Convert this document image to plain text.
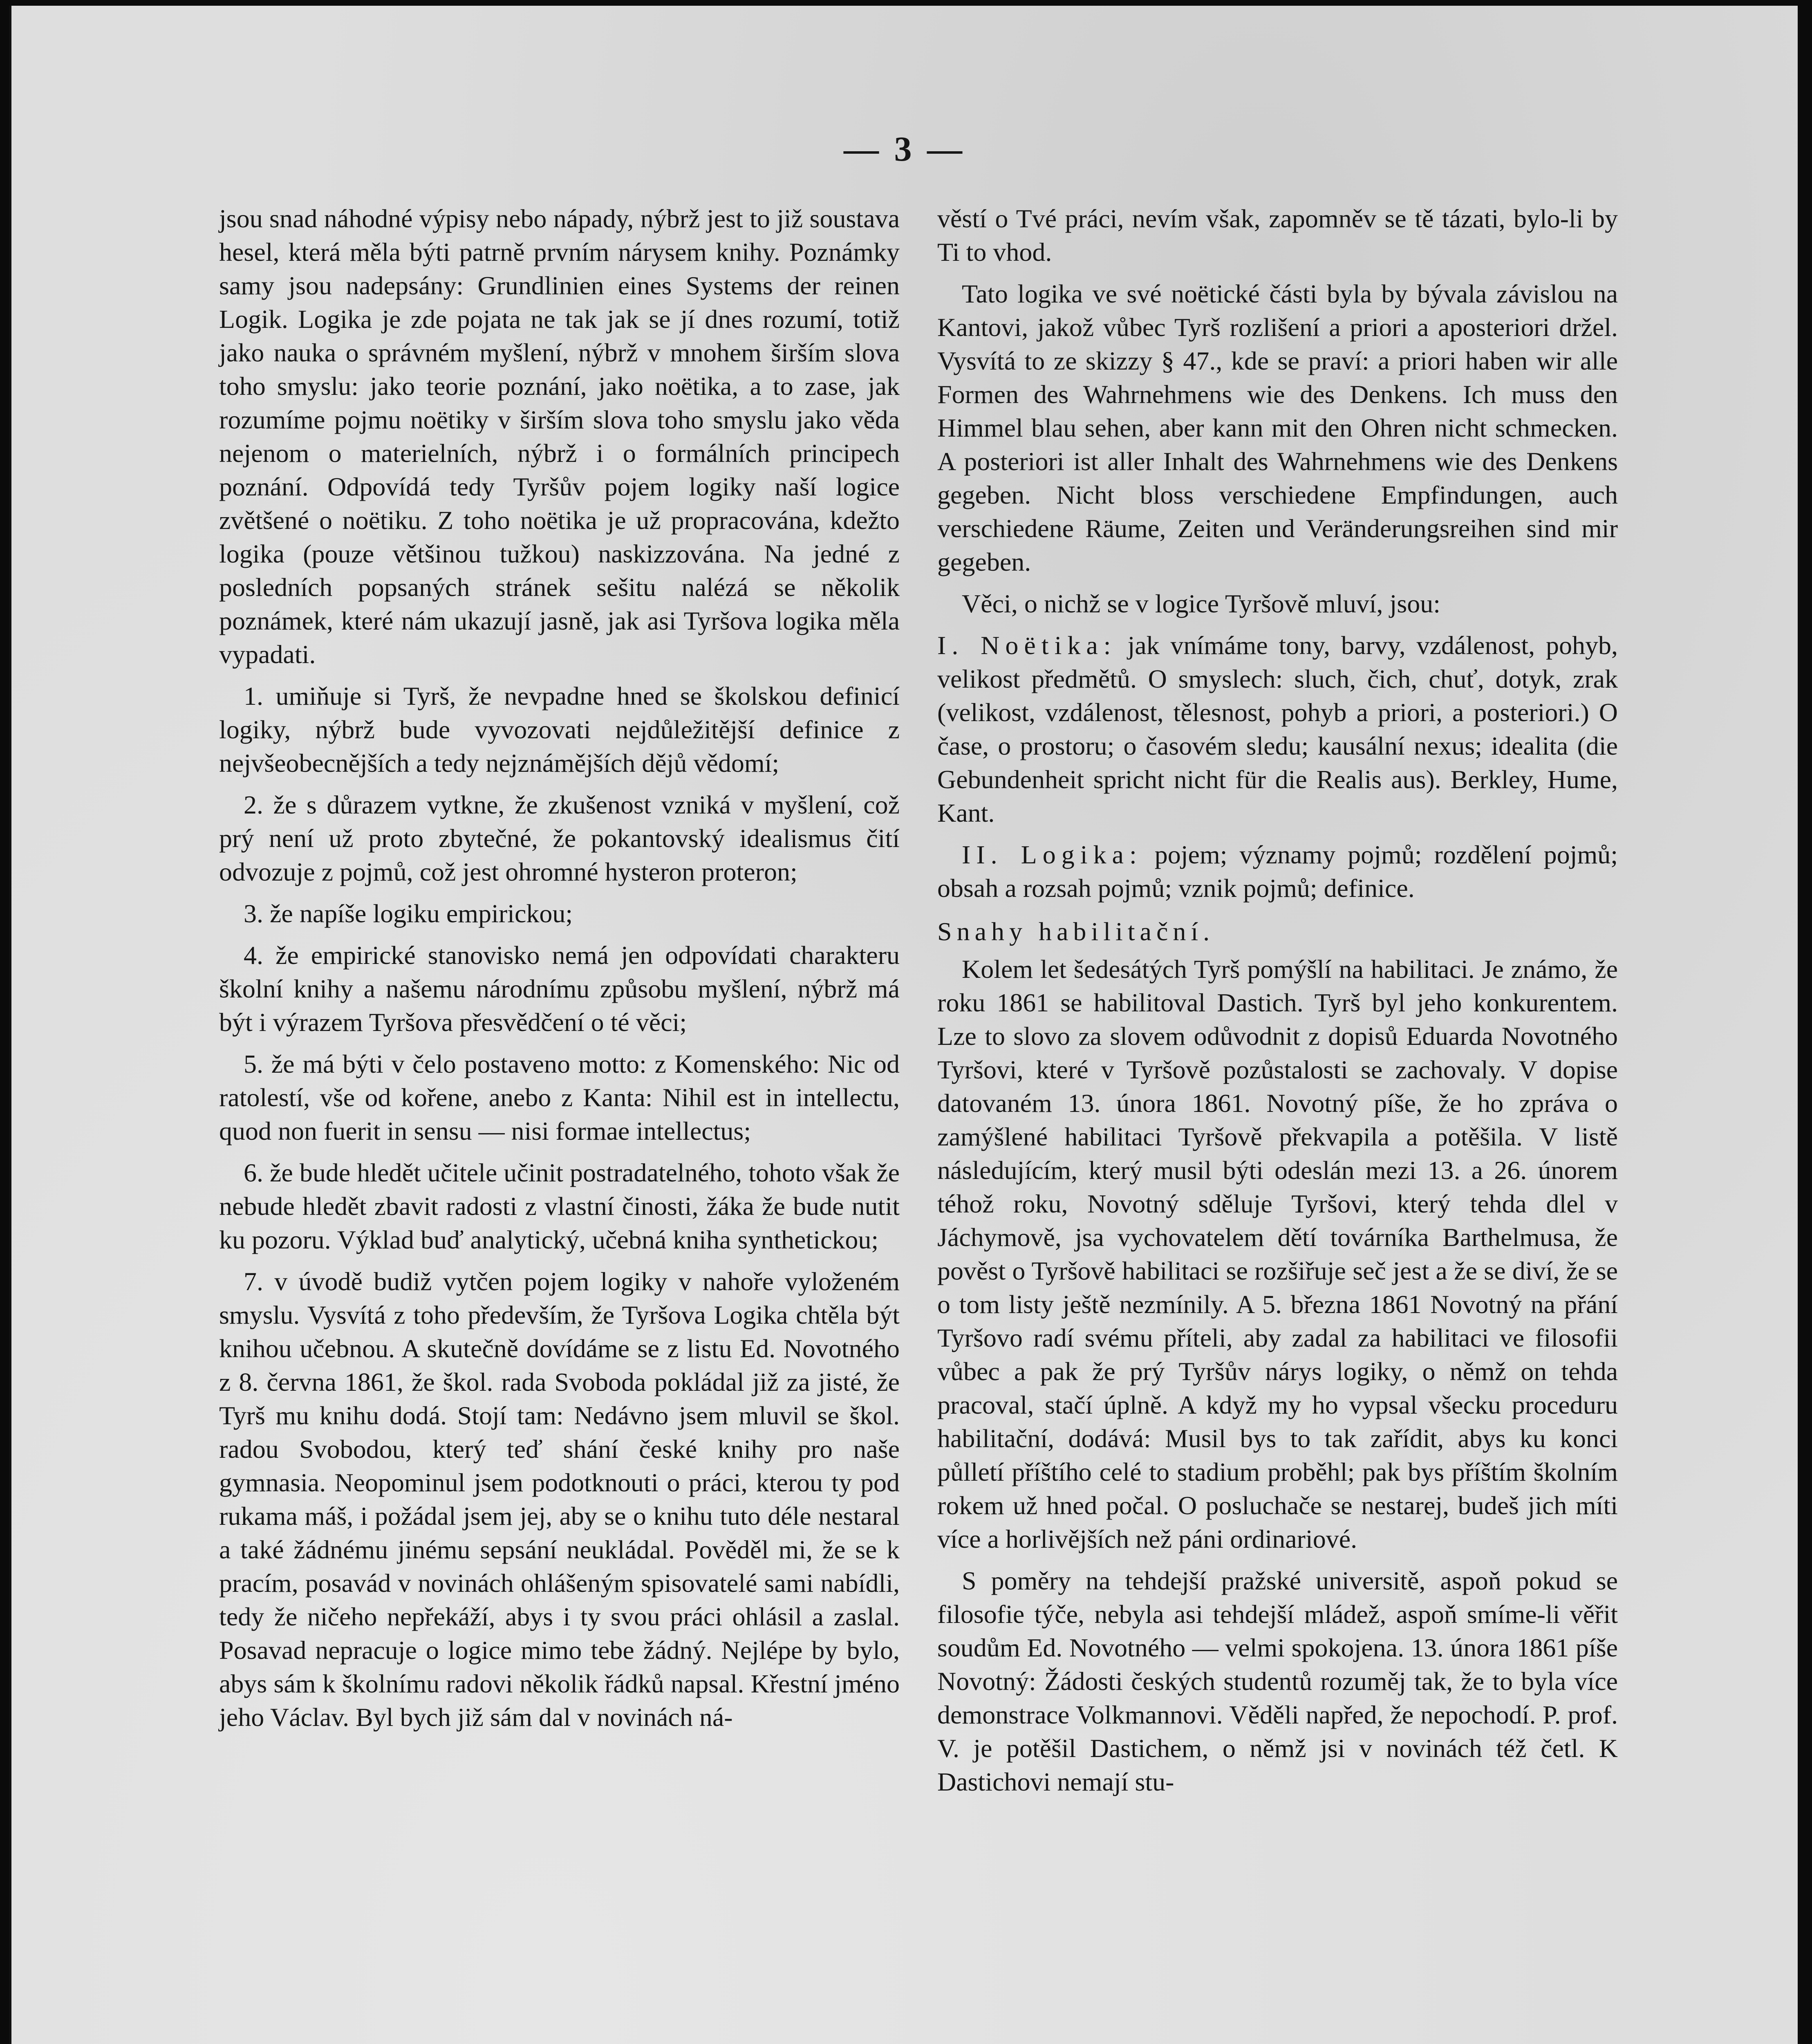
— 3 —

jsou snad náhodné výpisy nebo nápady, nýbrž jest to již soustava hesel, která měla býti patrně prvním nárysem knihy. Poznámky samy jsou nadepsány: Grundlinien eines Systems der reinen Logik. Logika je zde pojata ne tak jak se jí dnes rozumí, totiž jako nauka o správném myšlení, nýbrž v mnohem širším slova toho smyslu: jako teorie poznání, jako noëtika, a to zase, jak rozumíme pojmu noëtiky v širším slova toho smyslu jako věda nejenom o materielních, nýbrž i o formálních principech poznání. Odpovídá tedy Tyršův pojem logiky naší logice zvětšené o noëtiku. Z toho noëtika je už propracována, kdežto logika (pouze většinou tužkou) naskizzována. Na jedné z posledních popsaných stránek sešitu nalézá se několik poznámek, které nám ukazují jasně, jak asi Tyršova logika měla vypadati.

1. umiňuje si Tyrš, že nevpadne hned se školskou definicí logiky, nýbrž bude vyvozovati nejdůležitější definice z nejvšeobecnějších a tedy nejznámějších dějů vědomí;

2. že s důrazem vytkne, že zkušenost vzniká v myšlení, což prý není už proto zbytečné, že pokantovský idealismus čití odvozuje z pojmů, což jest ohromné hysteron proteron;

3. že napíše logiku empirickou;

4. že empirické stanovisko nemá jen odpovídati charakteru školní knihy a našemu národnímu způsobu myšlení, nýbrž má být i výrazem Tyršova přesvědčení o té věci;

5. že má býti v čelo postaveno motto: z Komenského: Nic od ratolestí, vše od kořene, anebo z Kanta: Nihil est in intellectu, quod non fuerit in sensu — nisi formae intellectus;

6. že bude hledět učitele učinit postradatelného, tohoto však že nebude hledět zbavit radosti z vlastní činosti, žáka že bude nutit ku pozoru. Výklad buď analytický, učebná kniha synthetickou;

7. v úvodě budiž vytčen pojem logiky v nahoře vyloženém smyslu. Vysvítá z toho především, že Tyršova Logika chtěla být knihou učebnou. A skutečně dovídáme se z listu Ed. Novotného z 8. června 1861, že škol. rada Svoboda pokládal již za jisté, že Tyrš mu knihu dodá. Stojí tam: Nedávno jsem mluvil se škol. radou Svobodou, který teď shání české knihy pro naše gymnasia. Neopominul jsem podotknouti o práci, kterou ty pod rukama máš, i požádal jsem jej, aby se o knihu tuto déle nestaral a také žádnému jinému sepsání neukládal. Pověděl mi, že se k pracím, posavád v novinách ohlášeným spisovatelé sami nabídli, tedy že ničeho nepřekáží, abys i ty svou práci ohlásil a zaslal. Posavad nepracuje o logice mimo tebe žádný. Nejlépe by bylo, abys sám k školnímu radovi několik řádků napsal. Křestní jméno jeho Václav. Byl bych již sám dal v novinách ná-

věstí o Tvé práci, nevím však, zapomněv se tě tázati, bylo-li by Ti to vhod.

Tato logika ve své noëtické části byla by bývala závislou na Kantovi, jakož vůbec Tyrš rozlišení a priori a aposteriori držel. Vysvítá to ze skizzy § 47., kde se praví: a priori haben wir alle Formen des Wahrnehmens wie des Denkens. Ich muss den Himmel blau sehen, aber kann mit den Ohren nicht schmecken. A posteriori ist aller Inhalt des Wahrnehmens wie des Denkens gegeben. Nicht bloss verschiedene Empfindungen, auch verschiedene Räume, Zeiten und Veränderungsreihen sind mir gegeben.

Věci, o nichž se v logice Tyršově mluví, jsou:

I. Noëtika: jak vnímáme tony, barvy, vzdálenost, pohyb, velikost předmětů. O smyslech: sluch, čich, chuť, dotyk, zrak (velikost, vzdálenost, tělesnost, pohyb a priori, a posteriori.) O čase, o prostoru; o časovém sledu; kausální nexus; idealita (die Gebundenheit spricht nicht für die Realis aus). Berkley, Hume, Kant.

II. Logika: pojem; významy pojmů; rozdělení pojmů; obsah a rozsah pojmů; vznik pojmů; definice.

Snahy habilitační.

Kolem let šedesátých Tyrš pomýšlí na habilitaci. Je známo, že roku 1861 se habilitoval Dastich. Tyrš byl jeho konkurentem. Lze to slovo za slovem odůvodnit z dopisů Eduarda Novotného Tyršovi, které v Tyršově pozůstalosti se zachovaly. V dopise datovaném 13. února 1861. Novotný píše, že ho zpráva o zamýšlené habilitaci Tyršově překvapila a potěšila. V listě následujícím, který musil býti odeslán mezi 13. a 26. únorem téhož roku, Novotný sděluje Tyršovi, který tehda dlel v Jáchymově, jsa vychovatelem dětí továrníka Barthelmusa, že pověst o Tyršově habilitaci se rozšiřuje seč jest a že se diví, že se o tom listy ještě nezmínily. A 5. března 1861 Novotný na přání Tyršovo radí svému příteli, aby zadal za habilitaci ve filosofii vůbec a pak že prý Tyršův nárys logiky, o němž on tehda pracoval, stačí úplně. A když my ho vypsal všecku proceduru habilitační, dodává: Musil bys to tak zařídit, abys ku konci půlletí příštího celé to stadium proběhl; pak bys příštím školním rokem už hned počal. O posluchače se nestarej, budeš jich míti více a horlivějších než páni ordinariové.

S poměry na tehdejší pražské universitě, aspoň pokud se filosofie týče, nebyla asi tehdejší mládež, aspoň smíme-li věřit soudům Ed. Novotného — velmi spokojena. 13. února 1861 píše Novotný: Žádosti českých studentů rozuměj tak, že to byla více demonstrace Volkmannovi. Věděli napřed, že nepochodí. P. prof. V. je potěšil Dastichem, o němž jsi v novinách též četl. K Dastichovi nemají stu-
